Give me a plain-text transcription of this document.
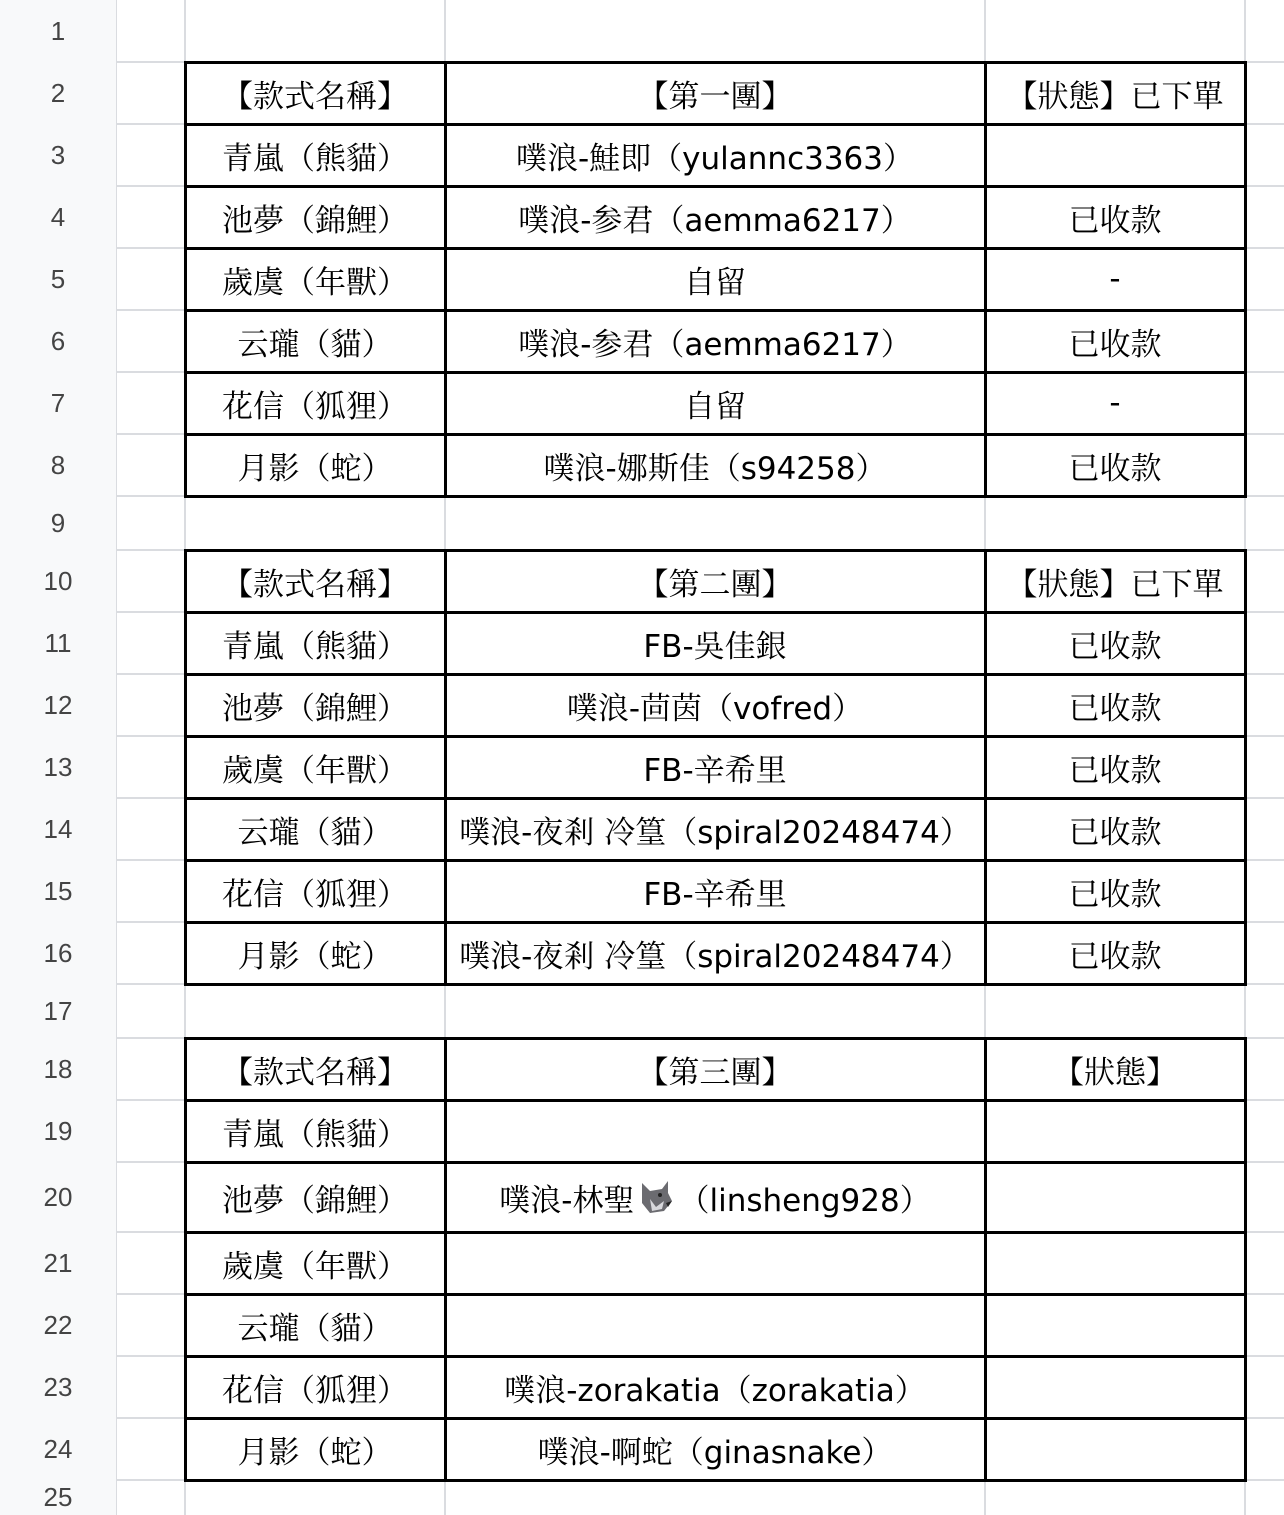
1
2
3
4
5
6
7
8
9
10
11
12
13
14
15
16
17
18
19
20
21
22
23
24
25
【款式名稱】	【第一團】	【狀態】已下單
青嵐（熊貓）	噗浪-鮭即（yulannc3363）
池夢（錦鯉）	噗浪-参君（aemma6217）	已收款
歲虞（年獸）	自留	-
云瓏（貓）	噗浪-参君（aemma6217）	已收款
花信（狐狸）	自留	-
月影（蛇）	噗浪-娜斯佳（s94258）	已收款
【款式名稱】	【第二團】	【狀態】已下單
青嵐（熊貓）	FB-吳佳銀	已收款
池夢（錦鯉）	噗浪-茴茵（vofred）	已收款
歲虞（年獸）	FB-辛希里	已收款
云瓏（貓）	噗浪-夜剎 冷篁（spiral20248474）	已收款
花信（狐狸）	FB-辛希里	已收款
月影（蛇）	噗浪-夜剎 冷篁（spiral20248474）	已收款
【款式名稱】	【第三團】	【狀態】
青嵐（熊貓）
池夢（錦鯉）	噗浪-林聖 （linsheng928）
歲虞（年獸）
云瓏（貓）
花信（狐狸）	噗浪-zorakatia（zorakatia）
月影（蛇）	噗浪-啊蛇（ginasnake）
